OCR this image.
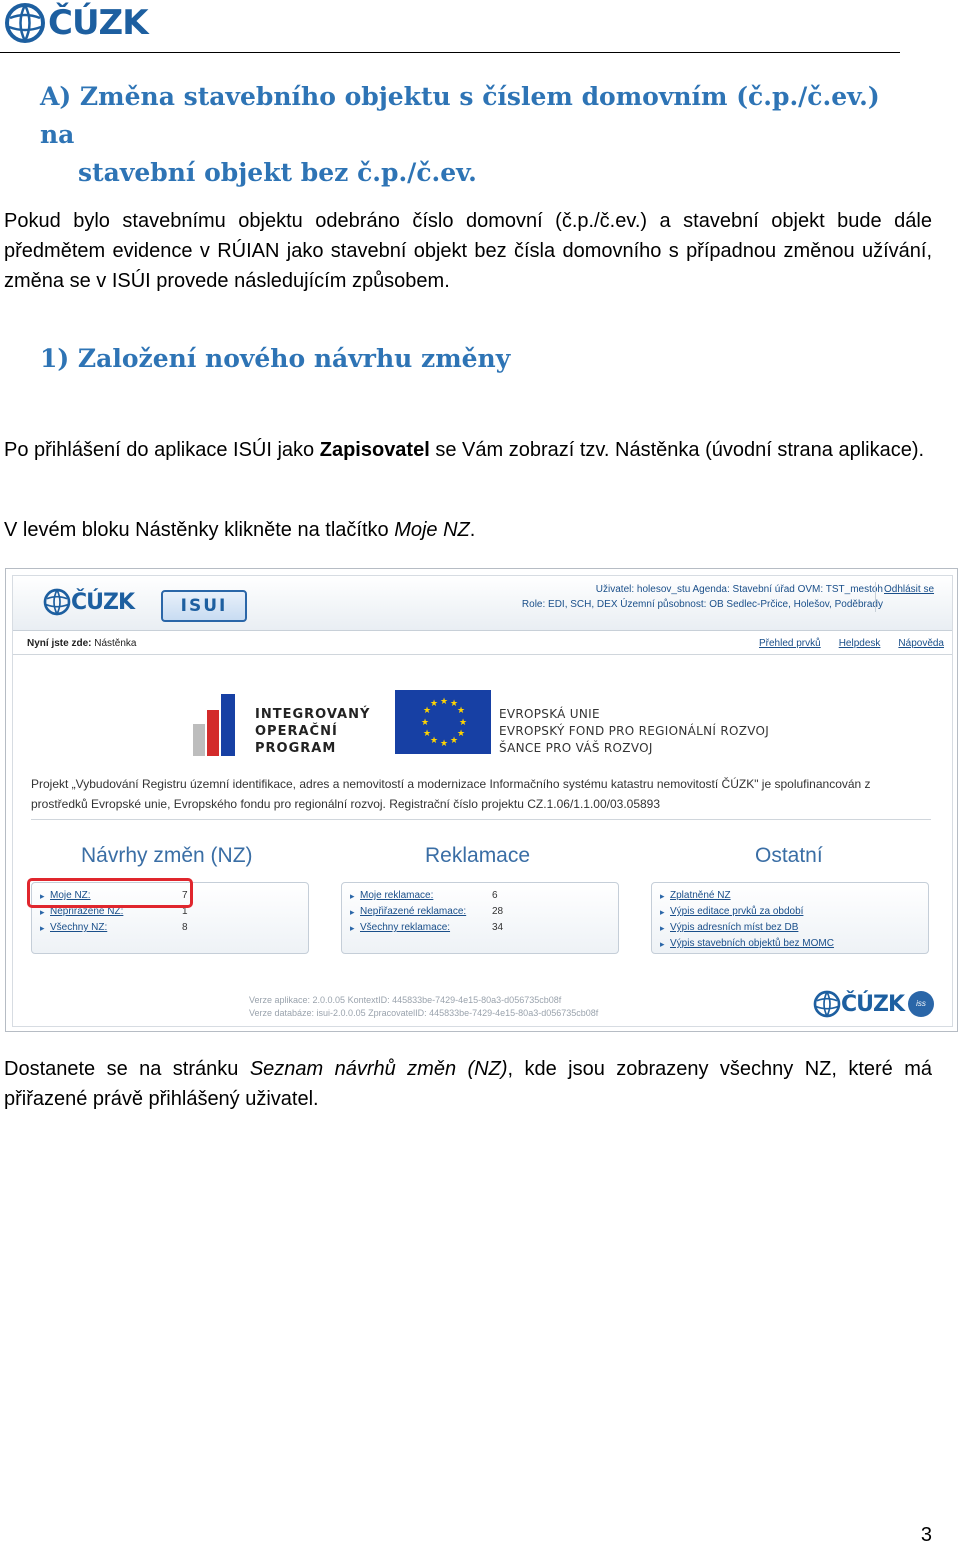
ČÚZK
A) Změna stavebního objektu s číslem domovním (č.p./č.ev.) na
stavební objekt bez č.p./č.ev.

Pokud bylo stavebnímu objektu odebráno číslo domovní (č.p./č.ev.) a stavební objekt bude dále předmětem evidence v RÚIAN jako stavební objekt bez čísla domovního s případnou změnou užívání, změna se v ISÚI provede následujícím způsobem.

1) Založení nového návrhu změny

Po přihlášení do aplikace ISÚI jako Zapisovatel se Vám zobrazí tzv. Nástěnka (úvodní strana aplikace).

V levém bloku Nástěnky klikněte na tlačítko Moje NZ.

ČÚZK	ISUI
Uživatel: holesov_stu Agenda: Stavební úřad OVM: TST_mestoh
Role: EDI, SCH, DEX Územní působnost: OB Sedlec-Prčice, Holešov, Poděbrady
Odhlásit se
Nyní jste zde: Nástěnka	Přehled prvků Helpdesk Nápověda
INTEGROVANÝ
OPERAČNÍ
PROGRAM
★ ★
★
★
★
★
★
★
★
★
★
★
EVROPSKÁ UNIE
EVROPSKÝ FOND PRO REGIONÁLNÍ ROZVOJ
ŠANCE PRO VÁŠ ROZVOJ
Projekt „Vybudování Registru územní identifikace, adres a nemovitostí a modernizace Informačního systému katastru nemovitostí ČÚZK" je spolufinancován z
prostředků Evropské unie, Evropského fondu pro regionální rozvoj. Registrační číslo projektu CZ.1.06/1.1.00/03.05893
Návrhy změn (NZ)	Reklamace	Ostatní
▸ Moje NZ:	7
▸ Nepřiřazené NZ:	1
▸ Všechny NZ:	8
▸ Moje reklamace:	6
▸ Nepřiřazené reklamace:	28
▸ Všechny reklamace:	34
▸ Zplatněné NZ
▸ Výpis editace prvků za období
▸ Výpis adresních míst bez DB
▸ Výpis stavebních objektů bez MOMC
Verze aplikace: 2.0.0.05 KontextID: 445833be-7429-4e15-80a3-d056735cb08f
Verze databáze: isui-2.0.0.05 ZpracovatelID: 445833be-7429-4e15-80a3-d056735cb08f	ČÚZK	iss

Dostanete se na stránku Seznam návrhů změn (NZ), kde jsou zobrazeny všechny NZ, které má přiřazené právě přihlášený uživatel.

3
